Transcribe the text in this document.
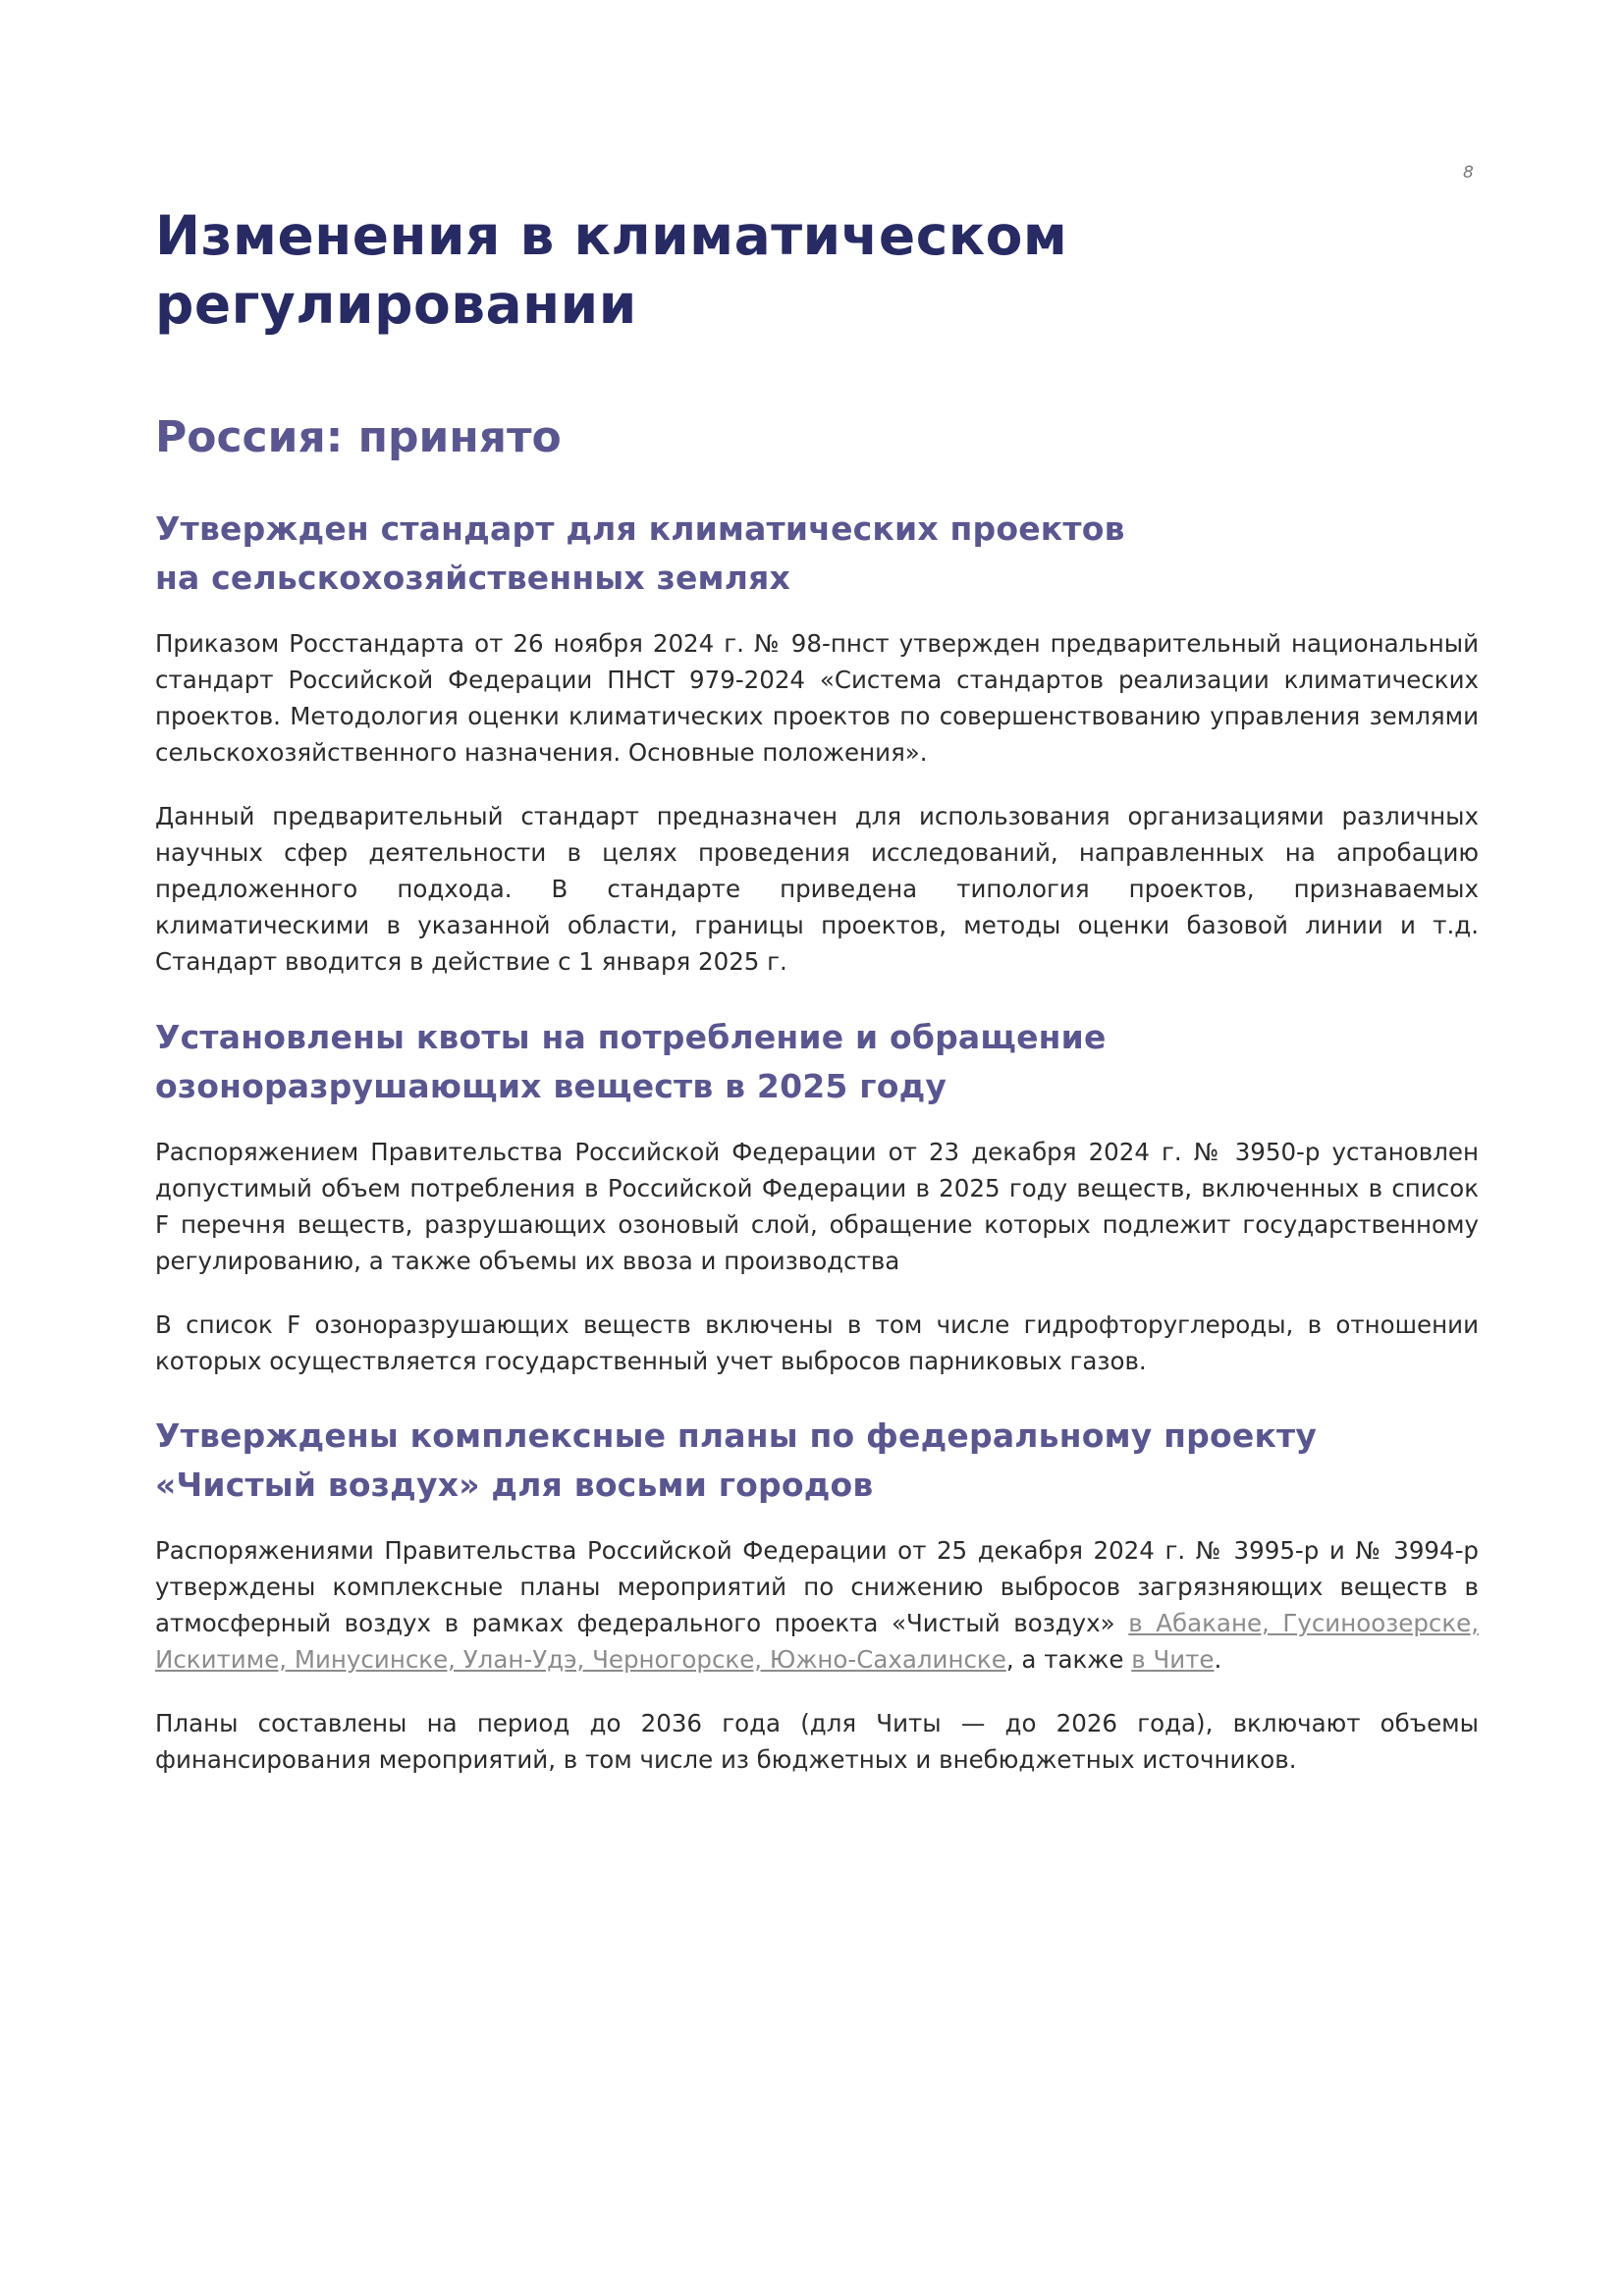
8
Изменения в климатическом
регулировании
Россия: принято
Утвержден стандарт для климатических проектов
на сельскохозяйственных землях

Приказом Росстандарта от 26 ноября 2024 г. № 98-пнст утвержден предварительный национальный стандарт Российской Федерации ПНСТ 979-2024 «Система стандартов реализации климатических проектов. Методология оценки климатических проектов по совершенствованию управления землями сельскохозяйственного назначения. Основные положения».

Данный предварительный стандарт предназначен для использования организациями различных научных сфер деятельности в целях проведения исследований, направленных на апробацию предложенного подхода. В стандарте приведена типология проектов, признаваемых климатическими в указанной области, границы проектов, методы оценки базовой линии и т.д. Стандарт вводится в действие с 1 января 2025 г.

Установлены квоты на потребление и обращение
озоноразрушающих веществ в 2025 году

Распоряжением Правительства Российской Федерации от 23 декабря 2024 г. № 3950-р установлен допустимый объем потребления в Российской Федерации в 2025 году веществ, включенных в список F перечня веществ, разрушающих озоновый слой, обращение которых подлежит государственному регулированию, а также объемы их ввоза и производства

В список F озоноразрушающих веществ включены в том числе гидрофторуглероды, в отношении которых осуществляется государственный учет выбросов парниковых газов.

Утверждены комплексные планы по федеральному проекту
«Чистый воздух» для восьми городов

Распоряжениями Правительства Российской Федерации от 25 декабря 2024 г. № 3995-р и № 3994-р утверждены комплексные планы мероприятий по снижению выбросов загрязняющих веществ в атмосферный воздух в рамках федерального проекта «Чистый воздух» в Абакане, Гусиноозерске, Искитиме, Минусинске, Улан-Удэ, Черногорске, Южно-Сахалинске, а также в Чите.

Планы составлены на период до 2036 года (для Читы — до 2026 года), включают объемы финансирования мероприятий, в том числе из бюджетных и внебюджетных источников.
